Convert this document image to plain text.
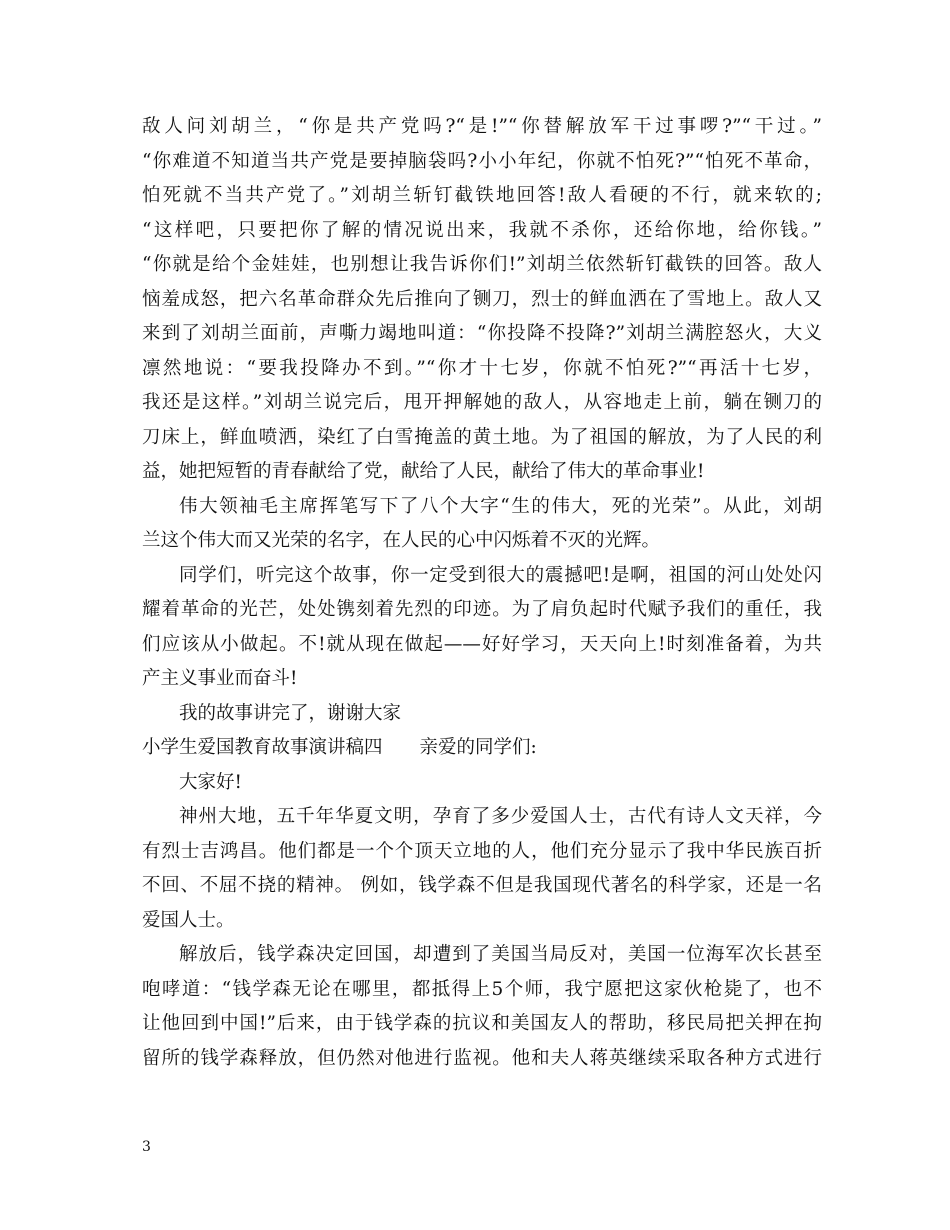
敌人问刘胡兰，“你是共产党吗?“是!”“你替解放军干过事啰?”“干过。”
“你难道不知道当共产党是要掉脑袋吗?小小年纪，你就不怕死?”“怕死不革命，
怕死就不当共产党了。”刘胡兰斩钉截铁地回答!敌人看硬的不行，就来软的;
“这样吧，只要把你了解的情况说出来，我就不杀你，还给你地，给你钱。”
“你就是给个金娃娃，也别想让我告诉你们!”刘胡兰依然斩钉截铁的回答。敌人
恼羞成怒，把六名革命群众先后推向了铡刀，烈士的鲜血洒在了雪地上。敌人又
来到了刘胡兰面前，声嘶力竭地叫道：“你投降不投降?”刘胡兰满腔怒火，大义
凛然地说：“要我投降办不到。”“你才十七岁，你就不怕死?”“再活十七岁，
我还是这样。”刘胡兰说完后，甩开押解她的敌人，从容地走上前，躺在铡刀的
刀床上，鲜血喷洒，染红了白雪掩盖的黄土地。为了祖国的解放，为了人民的利
益，她把短暂的青春献给了党，献给了人民，献给了伟大的革命事业!
伟大领袖毛主席挥笔写下了八个大字“生的伟大，死的光荣”。从此，刘胡
兰这个伟大而又光荣的名字，在人民的心中闪烁着不灭的光辉。
同学们，听完这个故事，你一定受到很大的震撼吧!是啊，祖国的河山处处闪
耀着革命的光芒，处处镌刻着先烈的印迹。为了肩负起时代赋予我们的重任，我
们应该从小做起。不!就从现在做起——好好学习，天天向上!时刻准备着，为共
产主义事业而奋斗!
我的故事讲完了，谢谢大家
小学生爱国教育故事演讲稿四 亲爱的同学们:
大家好!
神州大地，五千年华夏文明，孕育了多少爱国人士，古代有诗人文天祥，今
有烈士吉鸿昌。他们都是一个个顶天立地的人，他们充分显示了我中华民族百折
不回、不屈不挠的精神。 例如，钱学森不但是我国现代著名的科学家，还是一名
爱国人士。
解放后，钱学森决定回国，却遭到了美国当局反对，美国一位海军次长甚至
咆哮道：“钱学森无论在哪里，都抵得上5个师，我宁愿把这家伙枪毙了，也不
让他回到中国!”后来，由于钱学森的抗议和美国友人的帮助，移民局把关押在拘
留所的钱学森释放，但仍然对他进行监视。他和夫人蒋英继续采取各种方式进行
3
